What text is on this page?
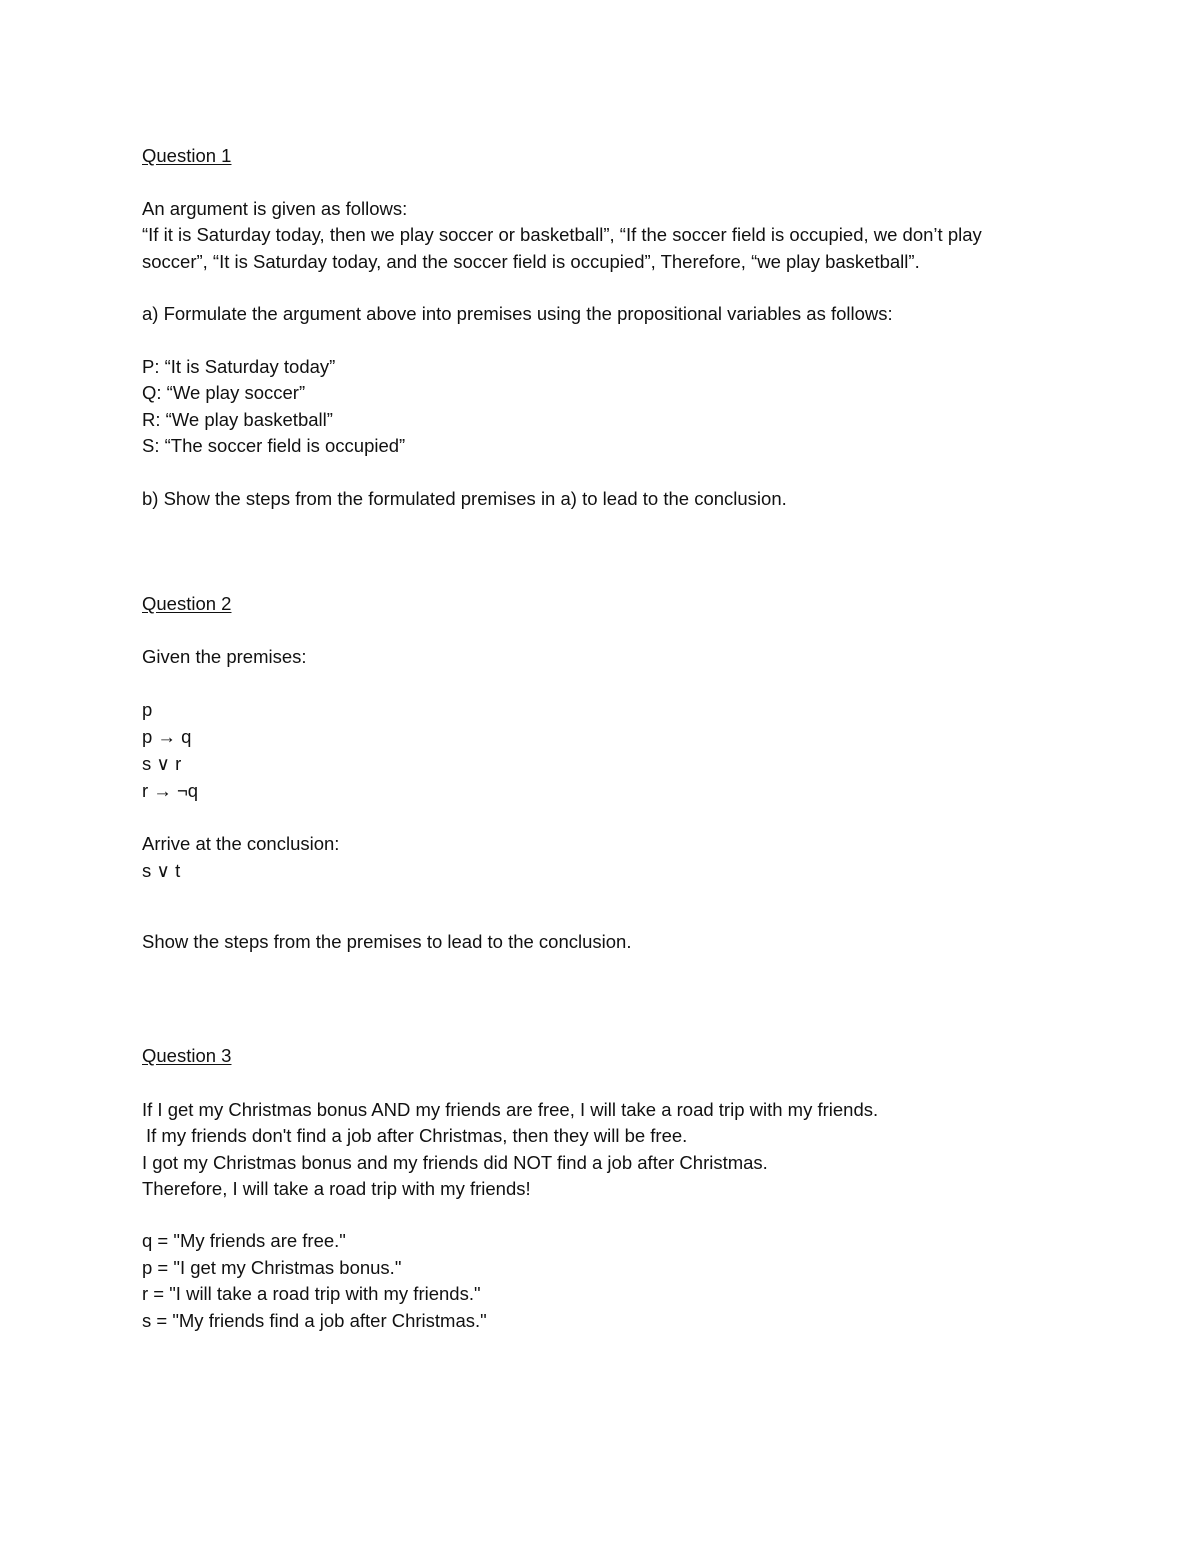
Question 1

An argument is given as follows:

“If it is Saturday today, then we play soccer or basketball”, “If the soccer field is occupied, we don’t play

soccer”, “It is Saturday today, and the soccer field is occupied”, Therefore, “we play basketball”.

a) Formulate the argument above into premises using the propositional variables as follows:

P: “It is Saturday today”

Q: “We play soccer”

R: “We play basketball”

S: “The soccer field is occupied”

b) Show the steps from the formulated premises in a) to lead to the conclusion.

Question 2

Given the premises:

p

p → q

s ∨ r

r → ¬q

Arrive at the conclusion:

s ∨ t

Show the steps from the premises to lead to the conclusion.

Question 3

If I get my Christmas bonus AND my friends are free, I will take a road trip with my friends.

If my friends don't find a job after Christmas, then they will be free.

I got my Christmas bonus and my friends did NOT find a job after Christmas.

Therefore, I will take a road trip with my friends!

q = "My friends are free."

p = "I get my Christmas bonus."

r = "I will take a road trip with my friends."

s = "My friends find a job after Christmas."
